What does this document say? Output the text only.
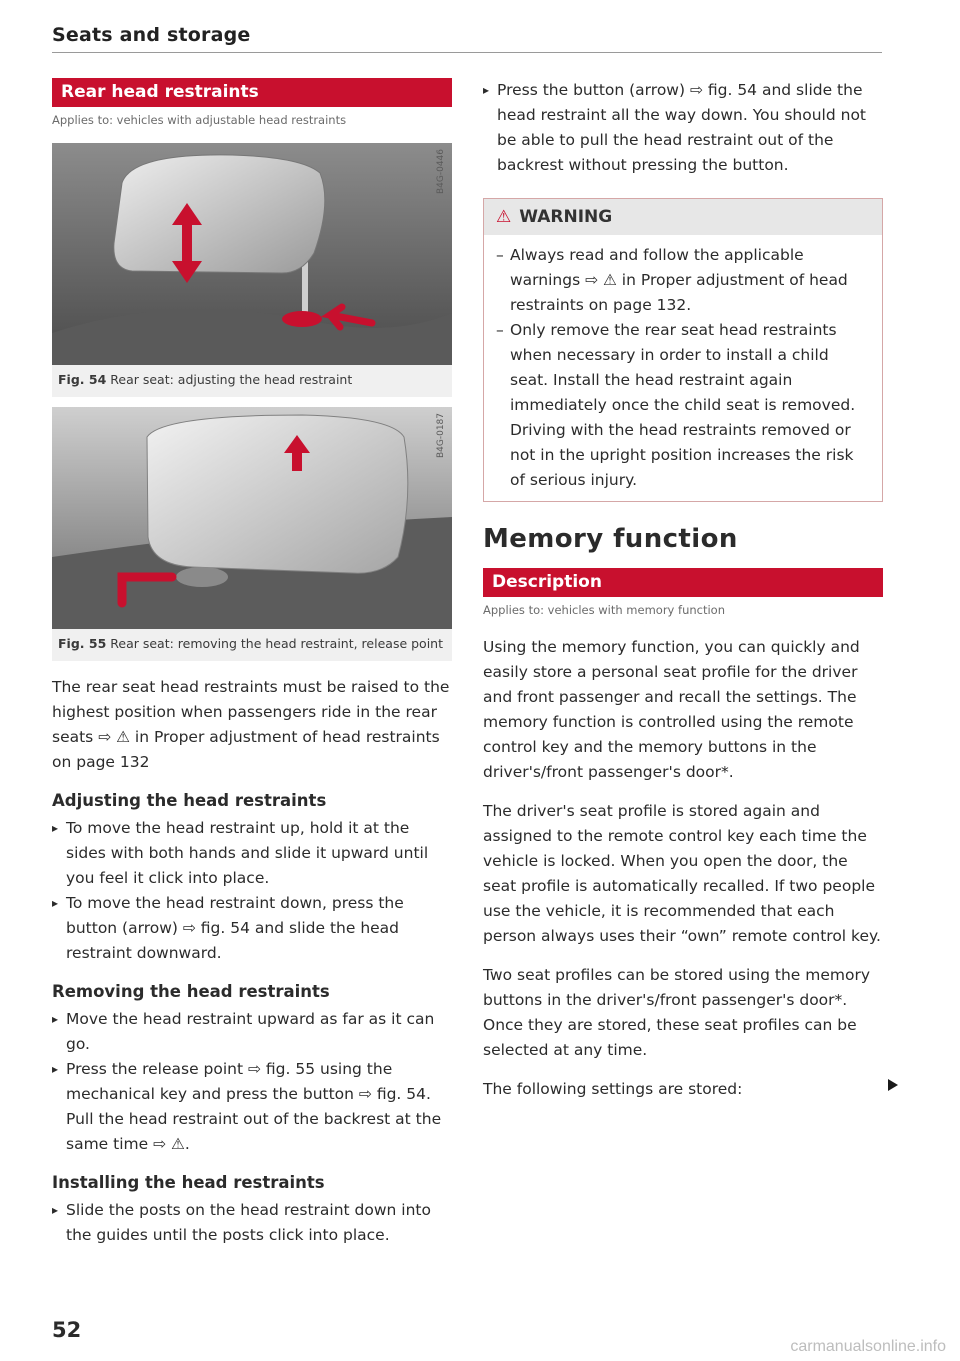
Seats and storage
Rear head restraints
Applies to: vehicles with adjustable head restraints
B4G-0446
Fig. 54 Rear seat: adjusting the head restraint
B4G-0187
Fig. 55 Rear seat: removing the head restraint, release point

The rear seat head restraints must be raised to the highest position when passengers ride in the rear seats ⇨ ⚠ in Proper adjustment of head restraints on page 132

Adjusting the head restraints
▸ To move the head restraint up, hold it at the sides with both hands and slide it upward until you feel it click into place.
▸ To move the head restraint down, press the button (arrow) ⇨ fig. 54 and slide the head restraint downward.
Removing the head restraints
▸ Move the head restraint upward as far as it can go.
▸ Press the release point ⇨ fig. 55 using the mechanical key and press the button ⇨ fig. 54. Pull the head restraint out of the backrest at the same time ⇨ ⚠.
Installing the head restraints
▸ Slide the posts on the head restraint down into the guides until the posts click into place.
▸ Press the button (arrow) ⇨ fig. 54 and slide the head restraint all the way down. You should not be able to pull the head restraint out of the backrest without pressing the button.
⚠ WARNING
– Always read and follow the applicable warnings ⇨ ⚠ in Proper adjustment of head restraints on page 132.
– Only remove the rear seat head restraints when necessary in order to install a child seat. Install the head restraint again immediately once the child seat is removed. Driving with the head restraints removed or not in the upright position increases the risk of serious injury.
Memory function
Description
Applies to: vehicles with memory function

Using the memory function, you can quickly and easily store a personal seat profile for the driver and front passenger and recall the settings. The memory function is controlled using the remote control key and the memory buttons in the driver's/front passenger's door*.

The driver's seat profile is stored again and assigned to the remote control key each time the vehicle is locked. When you open the door, the seat profile is automatically recalled. If two people use the vehicle, it is recommended that each person always uses their “own” remote control key.

Two seat profiles can be stored using the memory buttons in the driver's/front passenger's door*. Once they are stored, these seat profiles can be selected at any time.

The following settings are stored:

52
carmanualsonline.info
